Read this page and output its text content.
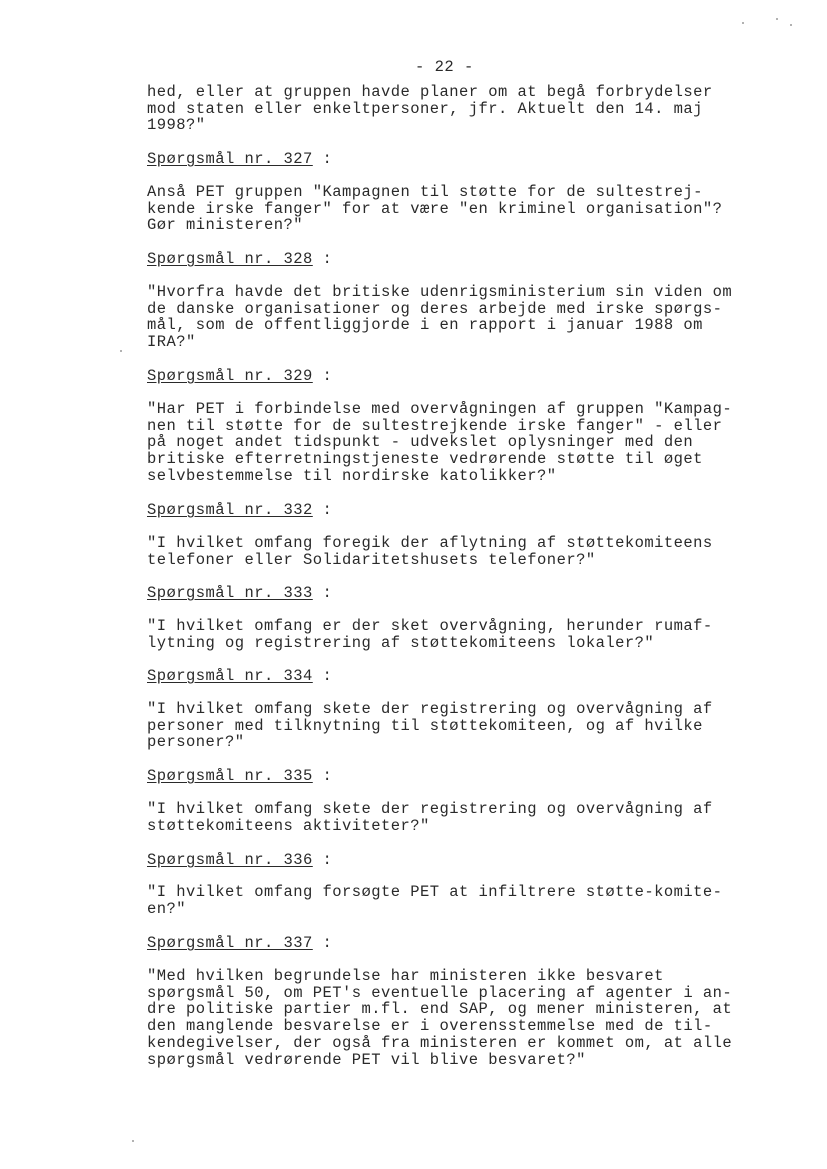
- 22 -
hed, eller at gruppen havde planer om at begå forbrydelser
mod staten eller enkeltpersoner, jfr. Aktuelt den 14. maj
1998?"
Spørgsmål nr. 327 :
Anså PET gruppen "Kampagnen til støtte for de sultestrej-
kende irske fanger" for at være "en kriminel organisation"?
Gør ministeren?"
Spørgsmål nr. 328 :
"Hvorfra havde det britiske udenrigsministerium sin viden om
de danske organisationer og deres arbejde med irske spørgs-
mål, som de offentliggjorde i en rapport i januar 1988 om
IRA?"
Spørgsmål nr. 329 :
"Har PET i forbindelse med overvågningen af gruppen "Kampag-
nen til støtte for de sultestrejkende irske fanger" - eller
på noget andet tidspunkt - udvekslet oplysninger med den
britiske efterretningstjeneste vedrørende støtte til øget
selvbestemmelse til nordirske katolikker?"
Spørgsmål nr. 332 :
"I hvilket omfang foregik der aflytning af støttekomiteens
telefoner eller Solidaritetshusets telefoner?"
Spørgsmål nr. 333 :
"I hvilket omfang er der sket overvågning, herunder rumaf-
lytning og registrering af støttekomiteens lokaler?"
Spørgsmål nr. 334 :
"I hvilket omfang skete der registrering og overvågning af
personer med tilknytning til støttekomiteen, og af hvilke
personer?"
Spørgsmål nr. 335 :
"I hvilket omfang skete der registrering og overvågning af
støttekomiteens aktiviteter?"
Spørgsmål nr. 336 :
"I hvilket omfang forsøgte PET at infiltrere støtte-komite-
en?"
Spørgsmål nr. 337 :
"Med hvilken begrundelse har ministeren ikke besvaret
spørgsmål 50, om PET's eventuelle placering af agenter i an-
dre politiske partier m.fl. end SAP, og mener ministeren, at
den manglende besvarelse er i overensstemmelse med de til-
kendegivelser, der også fra ministeren er kommet om, at alle
spørgsmål vedrørende PET vil blive besvaret?"
